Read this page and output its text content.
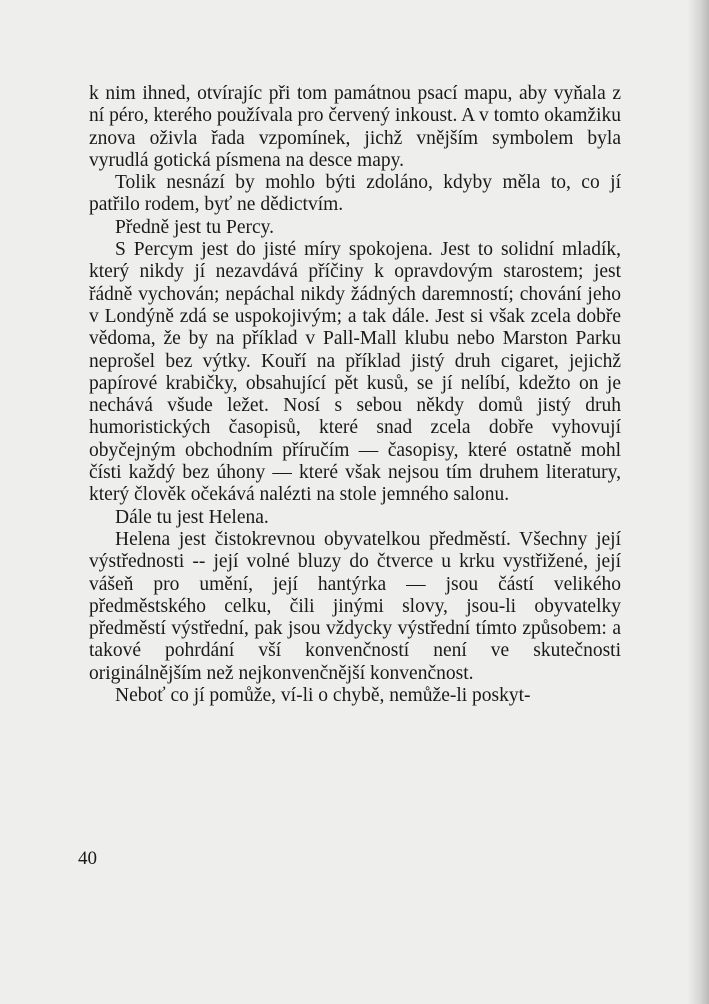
k nim ihned, otvírajíc při tom památnou psací mapu, aby vyňala z ní péro, kterého používala pro červený inkoust. A v tomto okamžiku znova oživla řada vzpomínek, jichž vnějším symbolem byla vyrudlá gotická písmena na desce mapy.

Tolik nesnází by mohlo býti zdoláno, kdyby měla to, co jí patřilo rodem, byť ne dědictvím.

Předně jest tu Percy.

S Percym jest do jisté míry spokojena. Jest to solidní mladík, který nikdy jí nezavdává příčiny k opravdovým starostem; jest řádně vychován; nepáchal nikdy žádných daremností; chování jeho v Londýně zdá se uspokojivým; a tak dále. Jest si však zcela dobře vědoma, že by na příklad v Pall-Mall klubu nebo Marston Parku neprošel bez výtky. Kouří na příklad jistý druh cigaret, jejichž papírové krabičky, obsahující pět kusů, se jí nelíbí, kdežto on je nechává všude ležet. Nosí s sebou někdy domů jistý druh humoristických časopisů, které snad zcela dobře vyhovují obyčejným obchodním příručím — časopisy, které ostatně mohl čísti každý bez úhony — které však nejsou tím druhem literatury, který člověk očekává nalézti na stole jemného salonu.

Dále tu jest Helena.

Helena jest čistokrevnou obyvatelkou předměstí. Všechny její výstřednosti -- její volné bluzy do čtverce u krku vystřižené, její vášeň pro umění, její hantýrka — jsou částí velikého předměstského celku, čili jinými slovy, jsou-li obyvatelky předměstí výstřední, pak jsou vždycky výstřední tímto způsobem: a takové pohrdání vší konvenčností není ve skutečnosti originálnějším než nejkonvenčnější konvenčnost.

Neboť co jí pomůže, ví-li o chybě, nemůže-li poskyt-

40
